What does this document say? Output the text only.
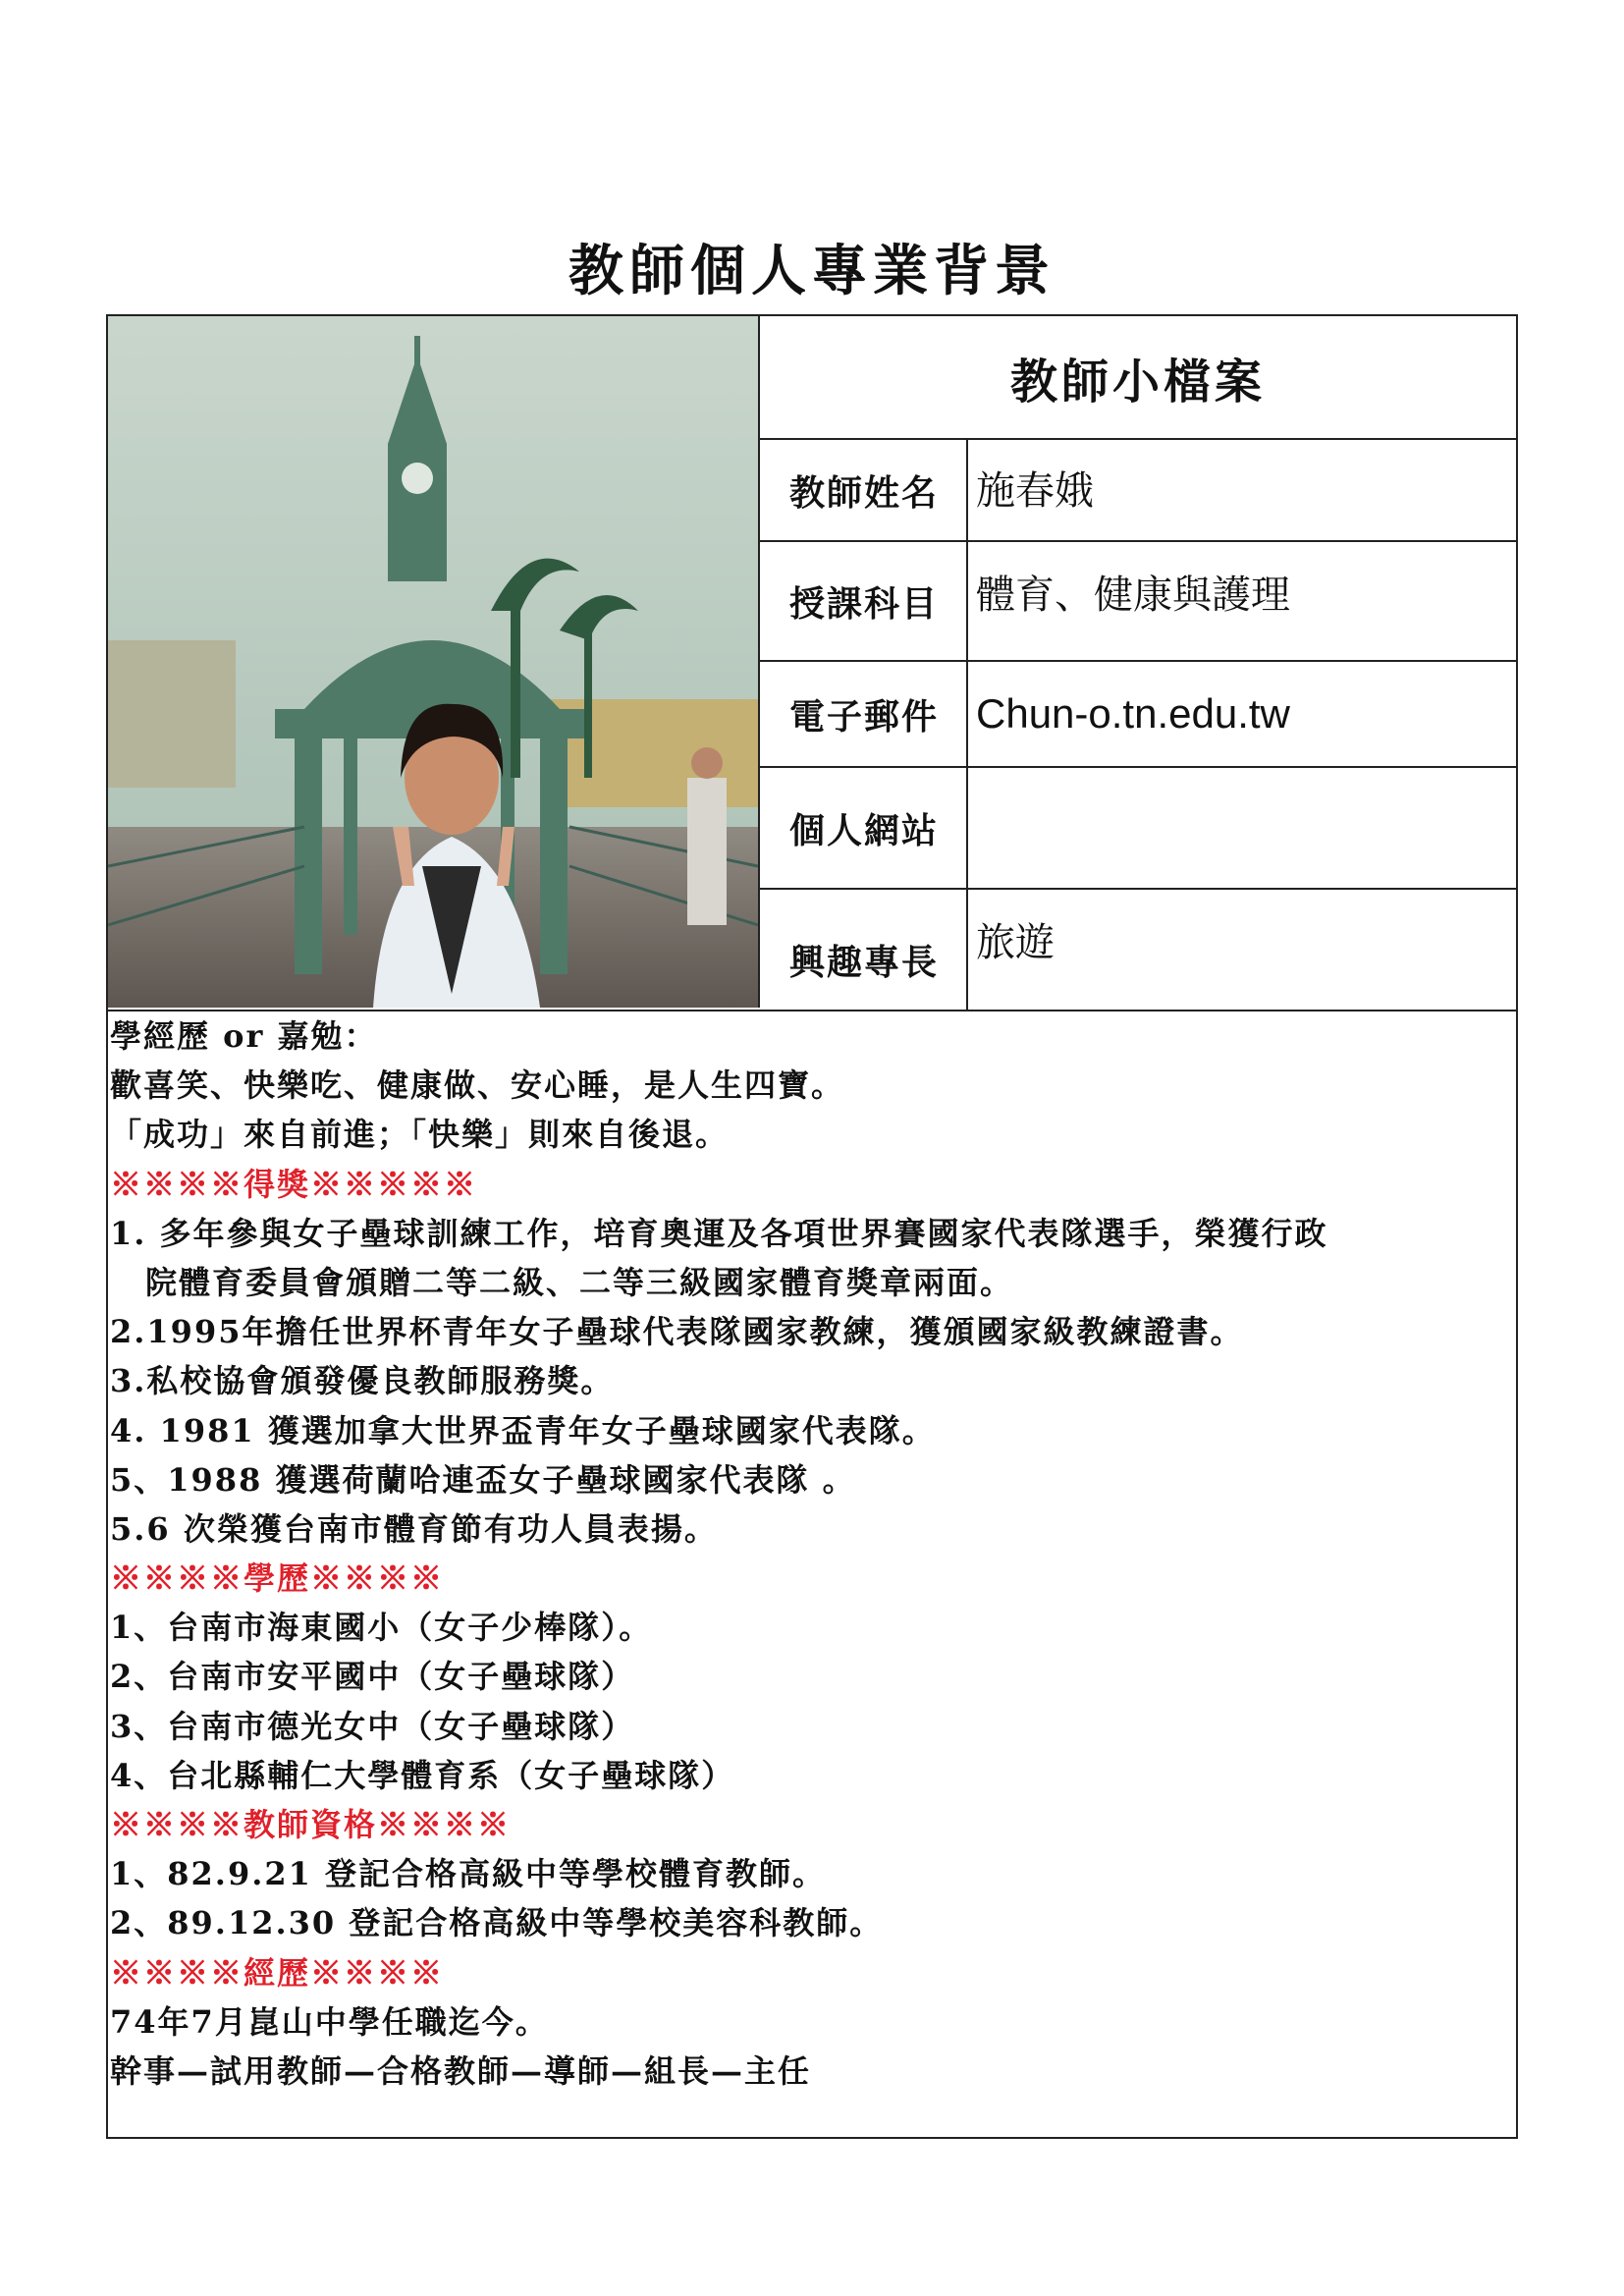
教師個人專業背景
教師小檔案
教師姓名 施春娥
授課科目 體育、健康與護理
電子郵件 Chun-o.tn.edu.tw
個人網站
興趣專長 旅遊
學經歷 or 嘉勉：
歡喜笑、快樂吃、健康做、安心睡，是人生四寶。
「成功」來自前進；「快樂」則來自後退。
※※※※得獎※※※※※
1. 多年參與女子壘球訓練工作，培育奧運及各項世界賽國家代表隊選手，榮獲行政
院體育委員會頒贈二等二級、二等三級國家體育獎章兩面。
2.1995年擔任世界杯青年女子壘球代表隊國家教練，獲頒國家級教練證書。
3.私校協會頒發優良教師服務獎。
4. 1981 獲選加拿大世界盃青年女子壘球國家代表隊。
5、1988 獲選荷蘭哈連盃女子壘球國家代表隊 。
5.6 次榮獲台南市體育節有功人員表揚。
※※※※學歷※※※※
1、台南市海東國小（女子少棒隊）。
2、台南市安平國中（女子壘球隊）
3、台南市德光女中（女子壘球隊）
4、台北縣輔仁大學體育系（女子壘球隊）
※※※※教師資格※※※※
1、82.9.21 登記合格高級中等學校體育教師。
2、89.12.30 登記合格高級中等學校美容科教師。
※※※※經歷※※※※
74年7月崑山中學任職迄今。
幹事—試用教師—合格教師—導師—組長—主任
